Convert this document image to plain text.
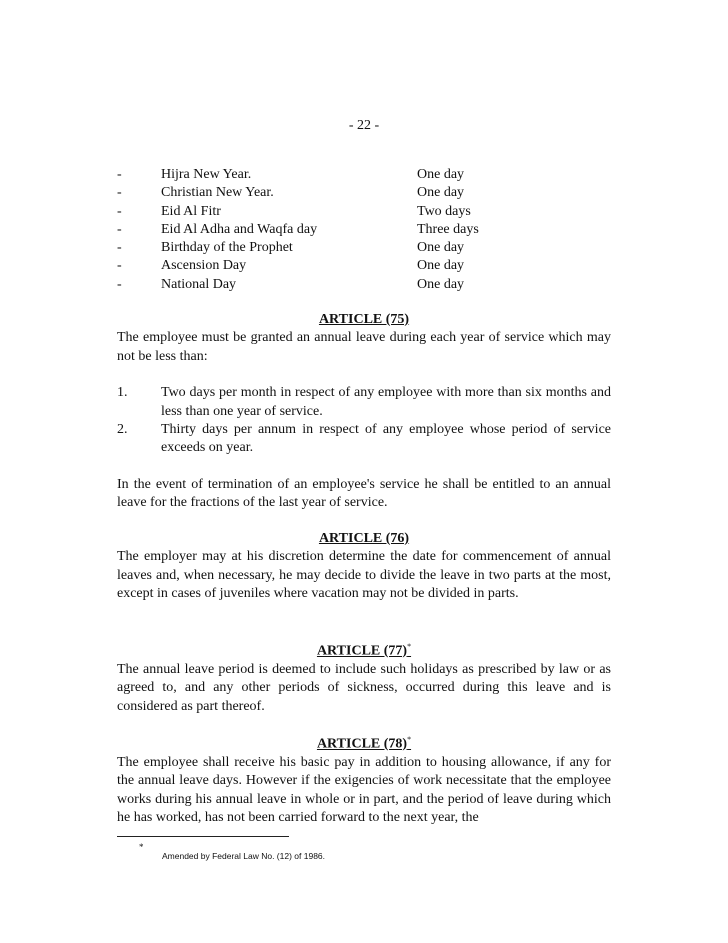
- 22 -
-	Hijra New Year.	One day
-	Christian New Year.	One day
-	Eid Al Fitr	Two days
-	Eid Al Adha and Waqfa day	Three days
-	Birthday of the Prophet	One day
-	Ascension Day	One day
-	National Day	One day
ARTICLE (75)
The employee must be granted an annual leave during each year of service which may not be less than:
1. Two days per month in respect of any employee with more than six months and less than one year of service.
2. Thirty days per annum in respect of any employee whose period of service exceeds on year.
In the event of termination of an employee's service he shall be entitled to an annual leave for the fractions of the last year of service.
ARTICLE (76)
The employer may at his discretion determine the date for commencement of annual leaves and, when necessary, he may decide to divide the leave in two parts at the most, except in cases of juveniles where vacation may not be divided in parts.
ARTICLE (77)*
The annual leave period is deemed to include such holidays as prescribed by law or as agreed to, and any other periods of sickness, occurred during this leave and is considered as part thereof.
ARTICLE (78)*
The employee shall receive his basic pay in addition to housing allowance, if any for the annual leave days. However if the exigencies of work necessitate that the employee works during his annual leave in whole or in part, and the period of leave during which he has worked, has not been carried forward to the next year, the
*
Amended by Federal Law No. (12) of 1986.
